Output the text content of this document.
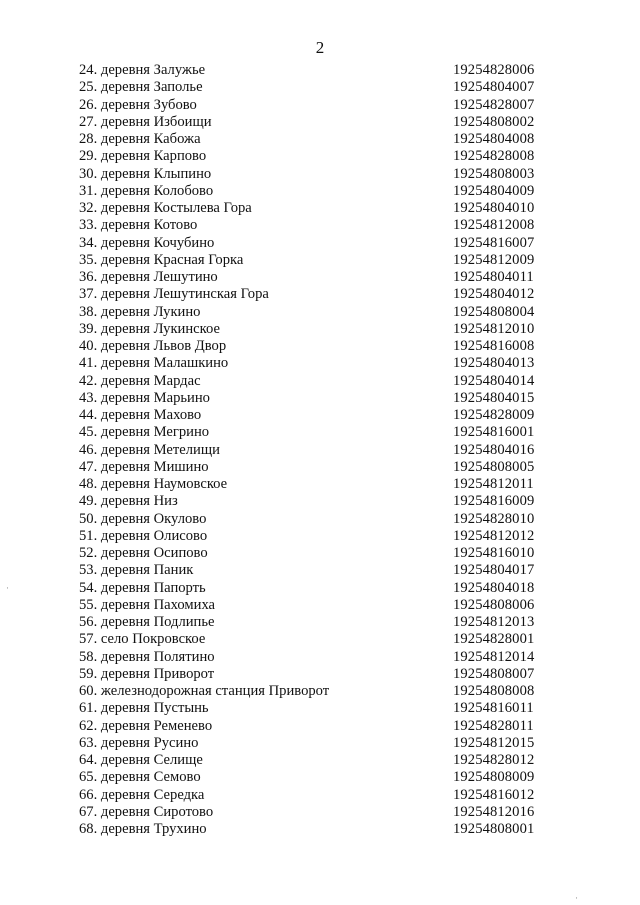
2
24. деревня Залужье	19254828006
25. деревня Заполье	19254804007
26. деревня Зубово	19254828007
27. деревня Избоищи	19254808002
28. деревня Кабожа	19254804008
29. деревня Карпово	19254828008
30. деревня Клыпино	19254808003
31. деревня Колобово	19254804009
32. деревня Костылева Гора	19254804010
33. деревня Котово	19254812008
34. деревня Кочубино	19254816007
35. деревня Красная Горка	19254812009
36. деревня Лешутино	19254804011
37. деревня Лешутинская Гора	19254804012
38. деревня Лукино	19254808004
39. деревня Лукинское	19254812010
40. деревня Львов Двор	19254816008
41. деревня Малашкино	19254804013
42. деревня Мардас	19254804014
43. деревня Марьино	19254804015
44. деревня Махово	19254828009
45. деревня Мегрино	19254816001
46. деревня Метелищи	19254804016
47. деревня Мишино	19254808005
48. деревня Наумовское	19254812011
49. деревня Низ	19254816009
50. деревня Окулово	19254828010
51. деревня Олисово	19254812012
52. деревня Осипово	19254816010
53. деревня Паник	19254804017
54. деревня Папорть	19254804018
55. деревня Пахомиха	19254808006
56. деревня Подлипье	19254812013
57. село Покровское	19254828001
58. деревня Полятино	19254812014
59. деревня Приворот	19254808007
60. железнодорожная станция Приворот	19254808008
61. деревня Пустынь	19254816011
62. деревня Ременево	19254828011
63. деревня Русино	19254812015
64. деревня Селище	19254828012
65. деревня Семово	19254808009
66. деревня Середка	19254816012
67. деревня Сиротово	19254812016
68. деревня Трухино	19254808001
·
·
